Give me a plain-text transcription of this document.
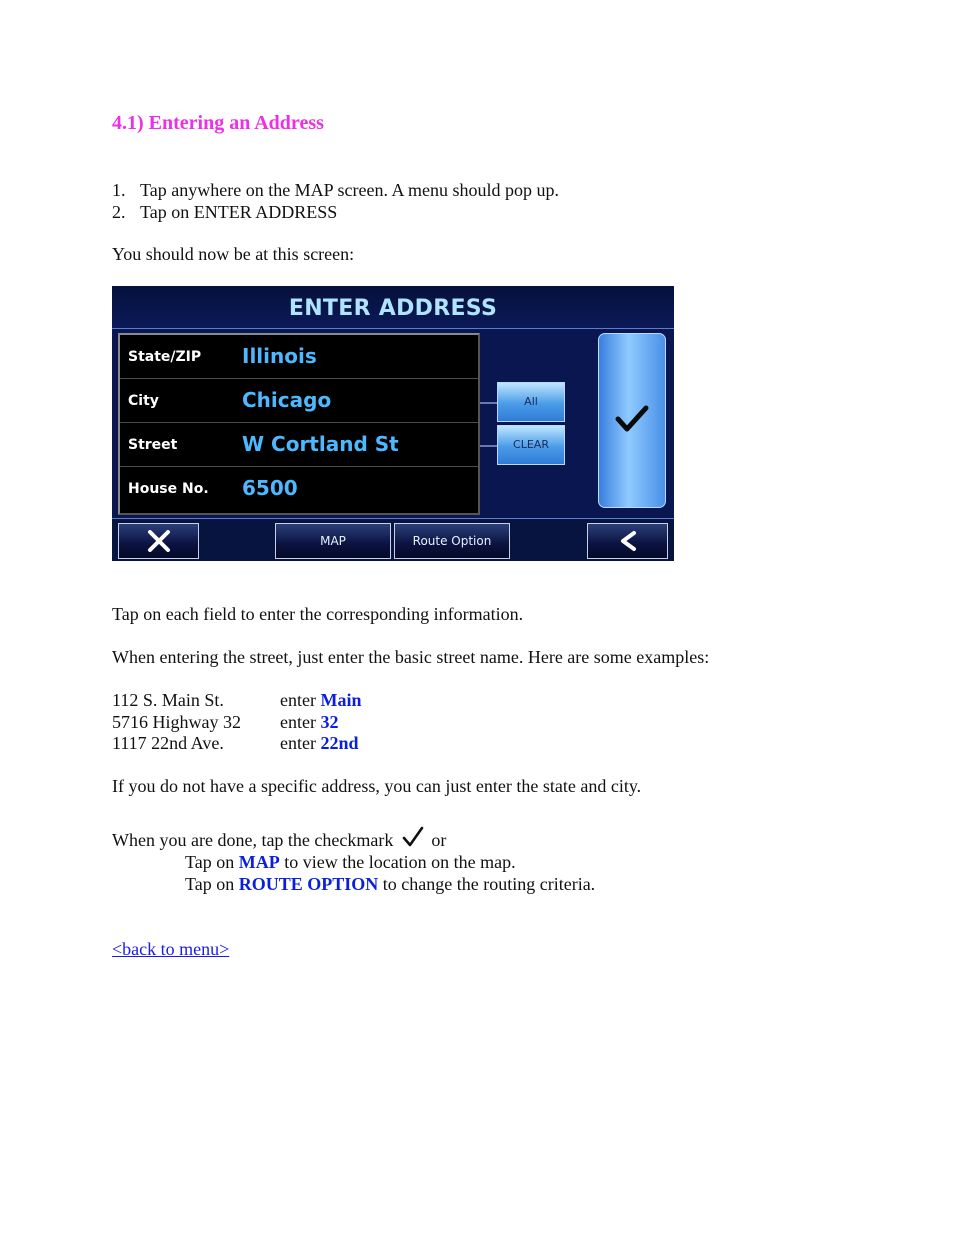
4.1) Entering an Address
1. Tap anywhere on the MAP screen. A menu should pop up.
2. Tap on ENTER ADDRESS
You should now be at this screen:
ENTER ADDRESS
State/ZIP Illinois
City	Chicago
Street	W Cortland St
House No. 6500
All
CLEAR
MAP	Route Option
Tap on each field to enter the corresponding information.
When entering the street, just enter the basic street name. Here are some examples:
112 S. Main St.	enter Main
5716 Highway 32 enter 32
1117 22nd Ave.	enter 22nd
If you do not have a specific address, you can just enter the state and city.
When you are done, tap the checkmark or
Tap on MAP to view the location on the map.
Tap on ROUTE OPTION to change the routing criteria.
<back to menu>
